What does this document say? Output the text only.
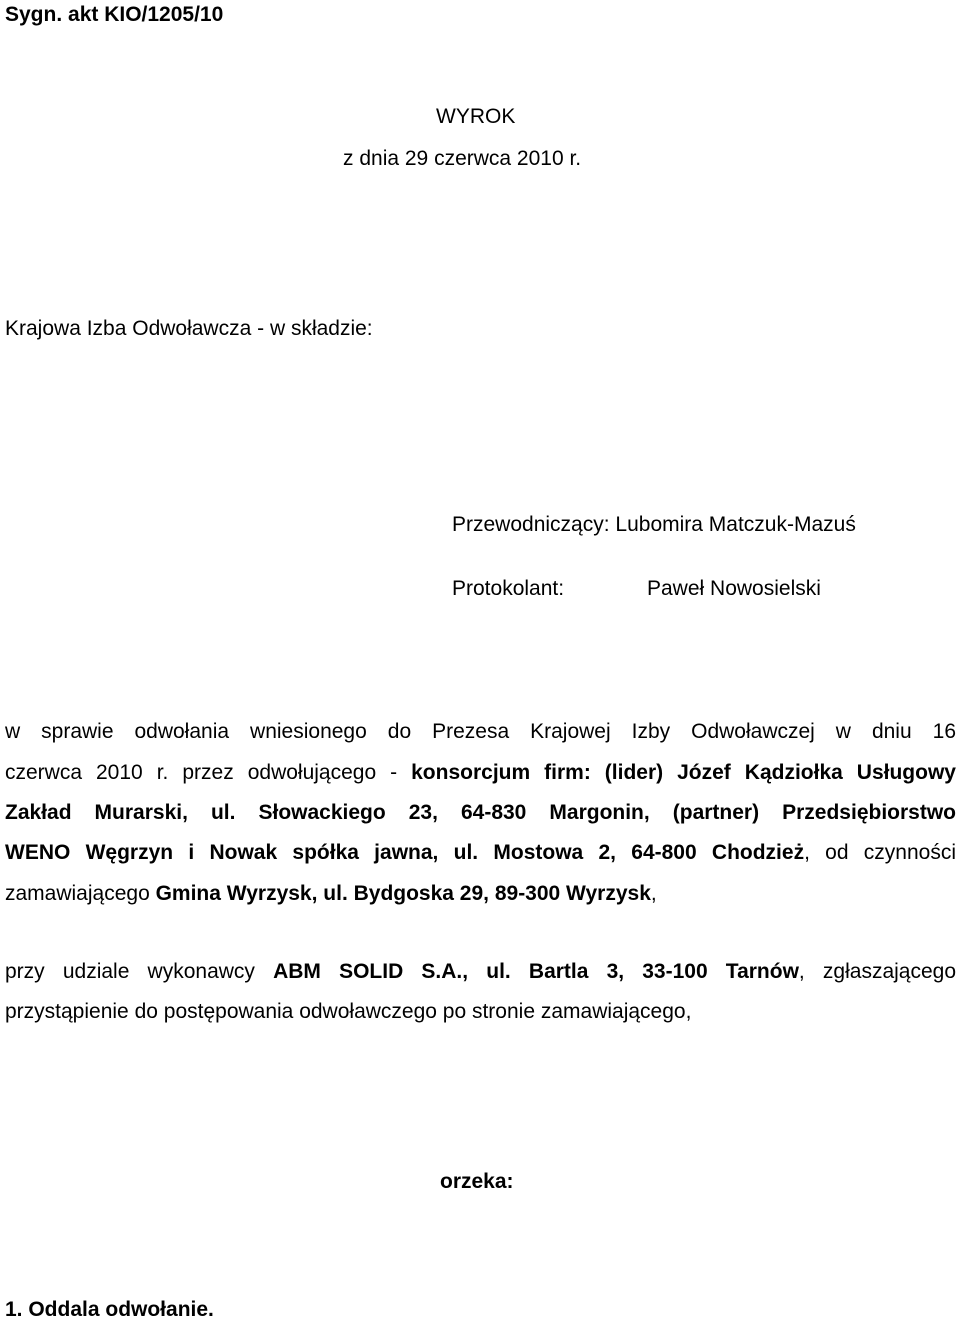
Sygn. akt KIO/1205/10
WYROK
z dnia 29 czerwca 2010 r.
Krajowa Izba Odwoławcza - w składzie:
Przewodniczący: Lubomira Matczuk-Mazuś
Protokolant:	Paweł Nowosielski
w sprawie odwołania wniesionego do Prezesa Krajowej Izby Odwoławczej w dniu 16
czerwca 2010 r. przez odwołującego - konsorcjum firm: (lider) Józef Kądziołka Usługowy
Zakład Murarski, ul. Słowackiego 23, 64-830 Margonin, (partner) Przedsiębiorstwo
WENO Węgrzyn i Nowak spółka jawna, ul. Mostowa 2, 64-800 Chodzież, od czynności
zamawiającego Gmina Wyrzysk, ul. Bydgoska 29, 89-300 Wyrzysk,
przy udziale wykonawcy ABM SOLID S.A., ul. Bartla 3, 33-100 Tarnów, zgłaszającego
przystąpienie do postępowania odwoławczego po stronie zamawiającego,
orzeka:
1. Oddala odwołanie.
